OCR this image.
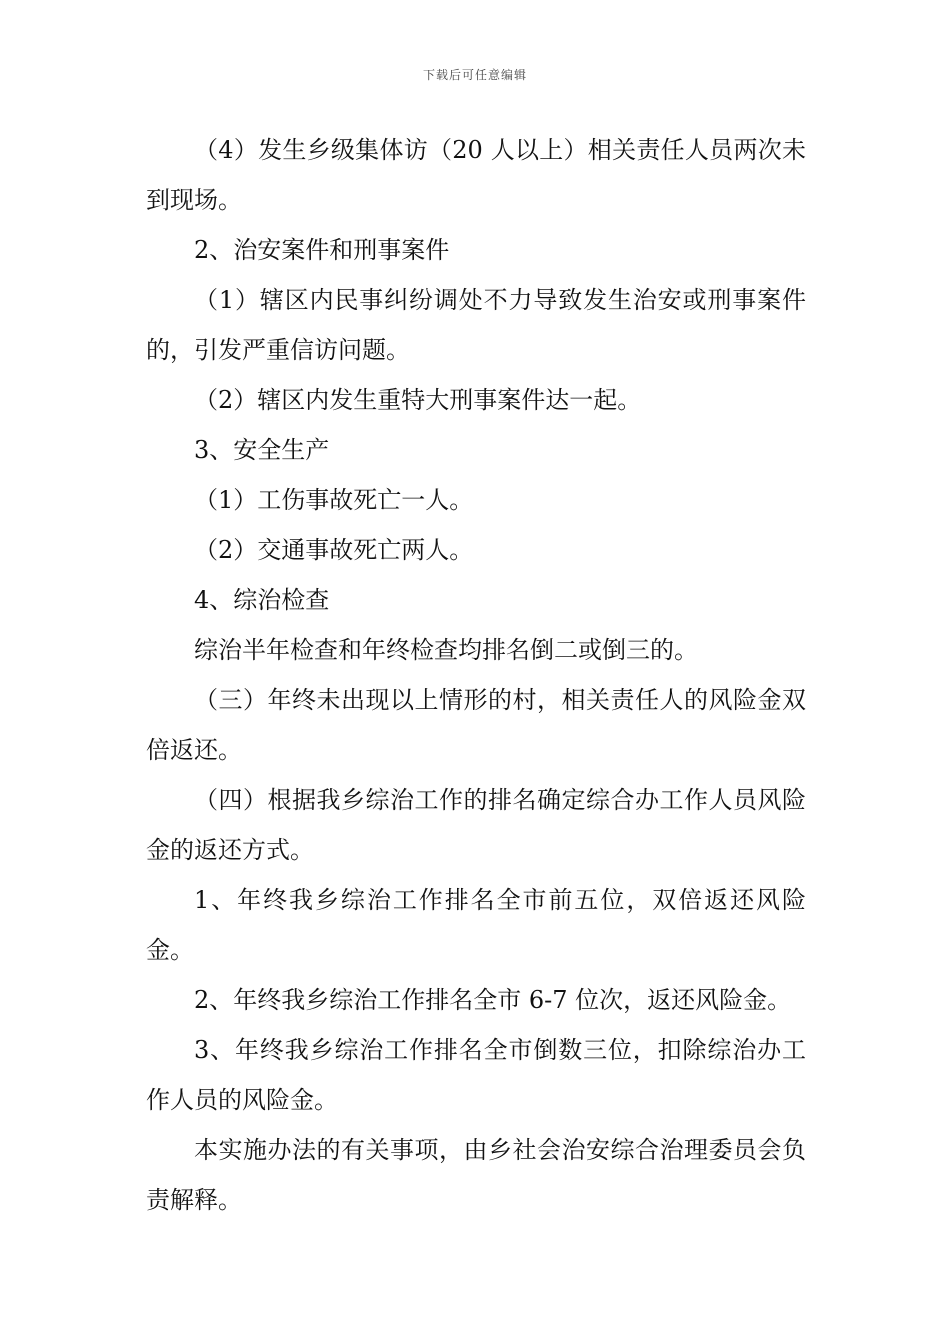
下载后可任意编辑

（4）发生乡级集体访（20 人以上）相关责任人员两次未到现场。

2、治安案件和刑事案件

（1）辖区内民事纠纷调处不力导致发生治安或刑事案件的，引发严重信访问题。

（2）辖区内发生重特大刑事案件达一起。

3、安全生产

（1）工伤事故死亡一人。

（2）交通事故死亡两人。

4、综治检查

综治半年检查和年终检查均排名倒二或倒三的。

（三）年终未出现以上情形的村，相关责任人的风险金双倍返还。

（四）根据我乡综治工作的排名确定综合办工作人员风险金的返还方式。

1、年终我乡综治工作排名全市前五位，双倍返还风险金。

2、年终我乡综治工作排名全市 6-7 位次，返还风险金。

3、年终我乡综治工作排名全市倒数三位，扣除综治办工作人员的风险金。

本实施办法的有关事项，由乡社会治安综合治理委员会负责解释。
